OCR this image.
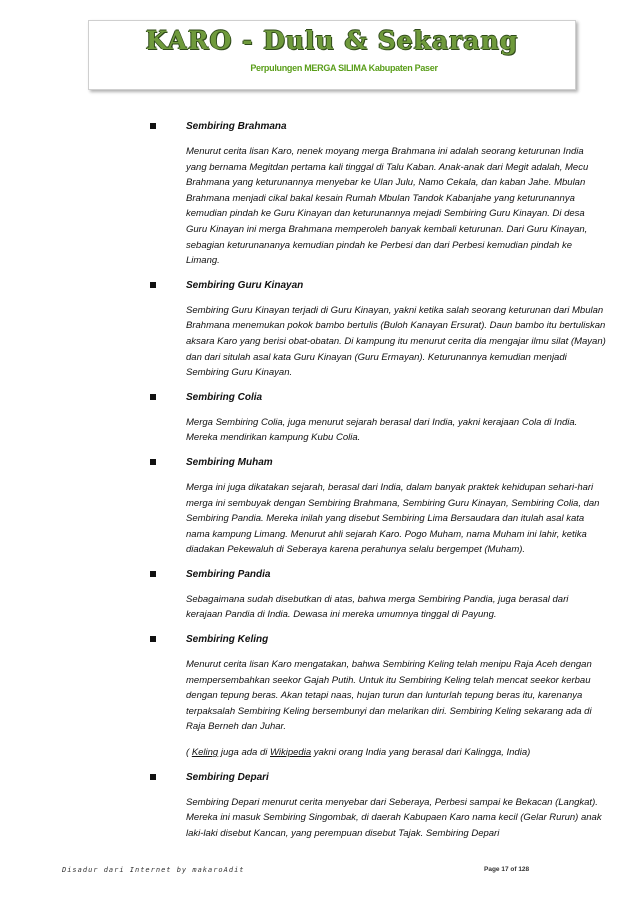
KARO - Dulu & Sekarang
Perpulungen MERGA SILIMA Kabupaten Paser
Sembiring Brahmana
Menurut cerita lisan Karo, nenek moyang merga Brahmana ini adalah seorang keturunan India yang bernama Megitdan pertama kali tinggal di Talu Kaban. Anak-anak dari Megit adalah, Mecu Brahmana yang keturunannya menyebar ke Ulan Julu, Namo Cekala, dan kaban Jahe. Mbulan Brahmana menjadi cikal bakal kesain Rumah Mbulan Tandok Kabanjahe yang keturunannya kemudian pindah ke Guru Kinayan dan keturunannya mejadi Sembiring Guru Kinayan. Di desa Guru Kinayan ini merga Brahmana memperoleh banyak kembali keturunan. Dari Guru Kinayan, sebagian keturunananya kemudian pindah ke Perbesi dan dari Perbesi kemudian pindah ke Limang.
Sembiring Guru Kinayan
Sembiring Guru Kinayan terjadi di Guru Kinayan, yakni ketika salah seorang keturunan dari Mbulan Brahmana menemukan pokok bambo bertulis (Buloh Kanayan Ersurat). Daun bambo itu bertuliskan aksara Karo yang berisi obat-obatan. Di kampung itu menurut cerita dia mengajar ilmu silat (Mayan) dan dari situlah asal kata Guru Kinayan (Guru Ermayan). Keturunannya kemudian menjadi Sembiring Guru Kinayan.
Sembiring Colia
Merga Sembiring Colia, juga menurut sejarah berasal dari India, yakni kerajaan Cola di India. Mereka mendirikan kampung Kubu Colia.
Sembiring Muham
Merga ini juga dikatakan sejarah, berasal dari India, dalam banyak praktek kehidupan sehari-hari merga ini sembuyak dengan Sembiring Brahmana, Sembiring Guru Kinayan, Sembiring Colia, dan Sembiring Pandia. Mereka inilah yang disebut Sembiring Lima Bersaudara dan itulah asal kata nama kampung Limang. Menurut ahli sejarah Karo. Pogo Muham, nama Muham ini lahir, ketika diadakan Pekewaluh di Seberaya karena perahunya selalu bergempet (Muham).
Sembiring Pandia
Sebagaimana sudah disebutkan di atas, bahwa merga Sembiring Pandia, juga berasal dari kerajaan Pandia di India. Dewasa ini mereka umumnya tinggal di Payung.
Sembiring Keling
Menurut cerita lisan Karo mengatakan, bahwa Sembiring Keling telah menipu Raja Aceh dengan mempersembahkan seekor Gajah Putih. Untuk itu Sembiring Keling telah mencat seekor kerbau dengan tepung beras. Akan tetapi naas, hujan turun dan lunturlah tepung beras itu, karenanya terpaksalah Sembiring Keling bersembunyi dan melarikan diri. Sembiring Keling sekarang ada di Raja Berneh dan Juhar.
( Keling juga ada di Wikipedia yakni orang India yang berasal dari Kalingga, India)
Sembiring Depari
Sembiring Depari menurut cerita menyebar dari Seberaya, Perbesi sampai ke Bekacan (Langkat). Mereka ini masuk Sembiring Singombak, di daerah Kabupaen Karo nama kecil (Gelar Rurun) anak laki-laki disebut Kancan, yang perempuan disebut Tajak. Sembiring Depari
Disadur dari Internet by makaroAdit	Page 17 of 128
